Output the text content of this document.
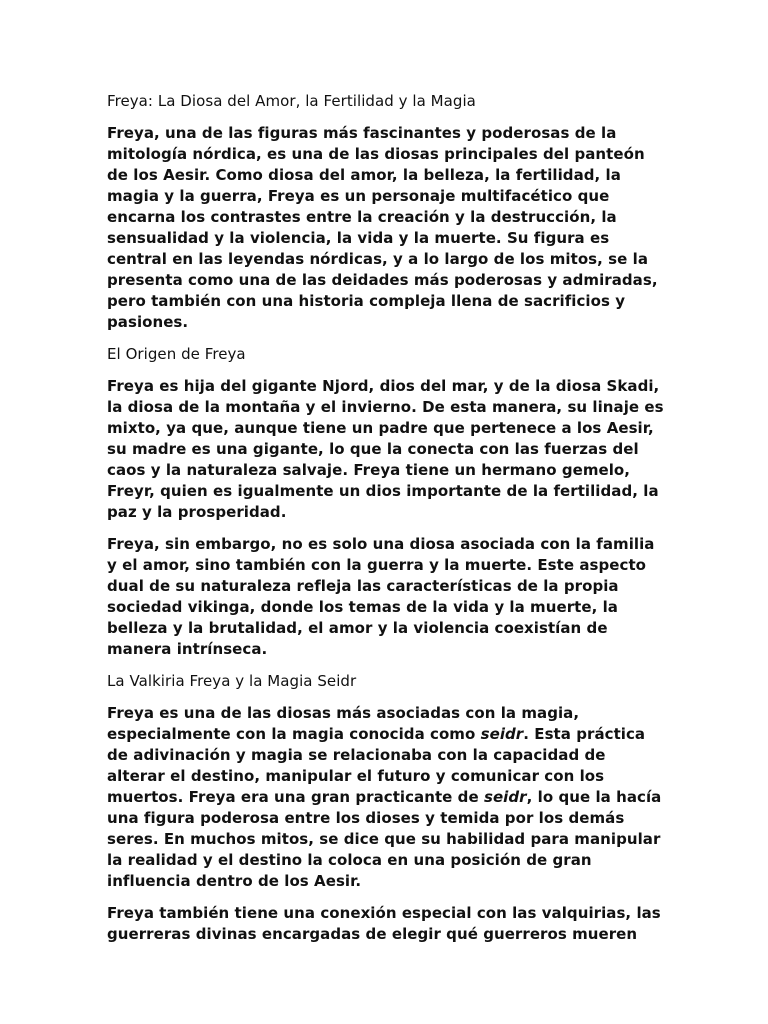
Freya: La Diosa del Amor, la Fertilidad y la Magia

Freya, una de las figuras más fascinantes y poderosas de la mitología nórdica, es una de las diosas principales del panteón de los Aesir. Como diosa del amor, la belleza, la fertilidad, la magia y la guerra, Freya es un personaje multifacético que encarna los contrastes entre la creación y la destrucción, la sensualidad y la violencia, la vida y la muerte. Su figura es central en las leyendas nórdicas, y a lo largo de los mitos, se la presenta como una de las deidades más poderosas y admiradas, pero también con una historia compleja llena de sacrificios y pasiones.

El Origen de Freya

Freya es hija del gigante Njord, dios del mar, y de la diosa Skadi, la diosa de la montaña y el invierno. De esta manera, su linaje es mixto, ya que, aunque tiene un padre que pertenece a los Aesir, su madre es una gigante, lo que la conecta con las fuerzas del caos y la naturaleza salvaje. Freya tiene un hermano gemelo, Freyr, quien es igualmente un dios importante de la fertilidad, la paz y la prosperidad.

Freya, sin embargo, no es solo una diosa asociada con la familia y el amor, sino también con la guerra y la muerte. Este aspecto dual de su naturaleza refleja las características de la propia sociedad vikinga, donde los temas de la vida y la muerte, la belleza y la brutalidad, el amor y la violencia coexistían de manera intrínseca.

La Valkiria Freya y la Magia Seidr

Freya es una de las diosas más asociadas con la magia, especialmente con la magia conocida como seidr. Esta práctica de adivinación y magia se relacionaba con la capacidad de alterar el destino, manipular el futuro y comunicar con los muertos. Freya era una gran practicante de seidr, lo que la hacía una figura poderosa entre los dioses y temida por los demás seres. En muchos mitos, se dice que su habilidad para manipular la realidad y el destino la coloca en una posición de gran influencia dentro de los Aesir.

Freya también tiene una conexión especial con las valquirias, las guerreras divinas encargadas de elegir qué guerreros mueren
